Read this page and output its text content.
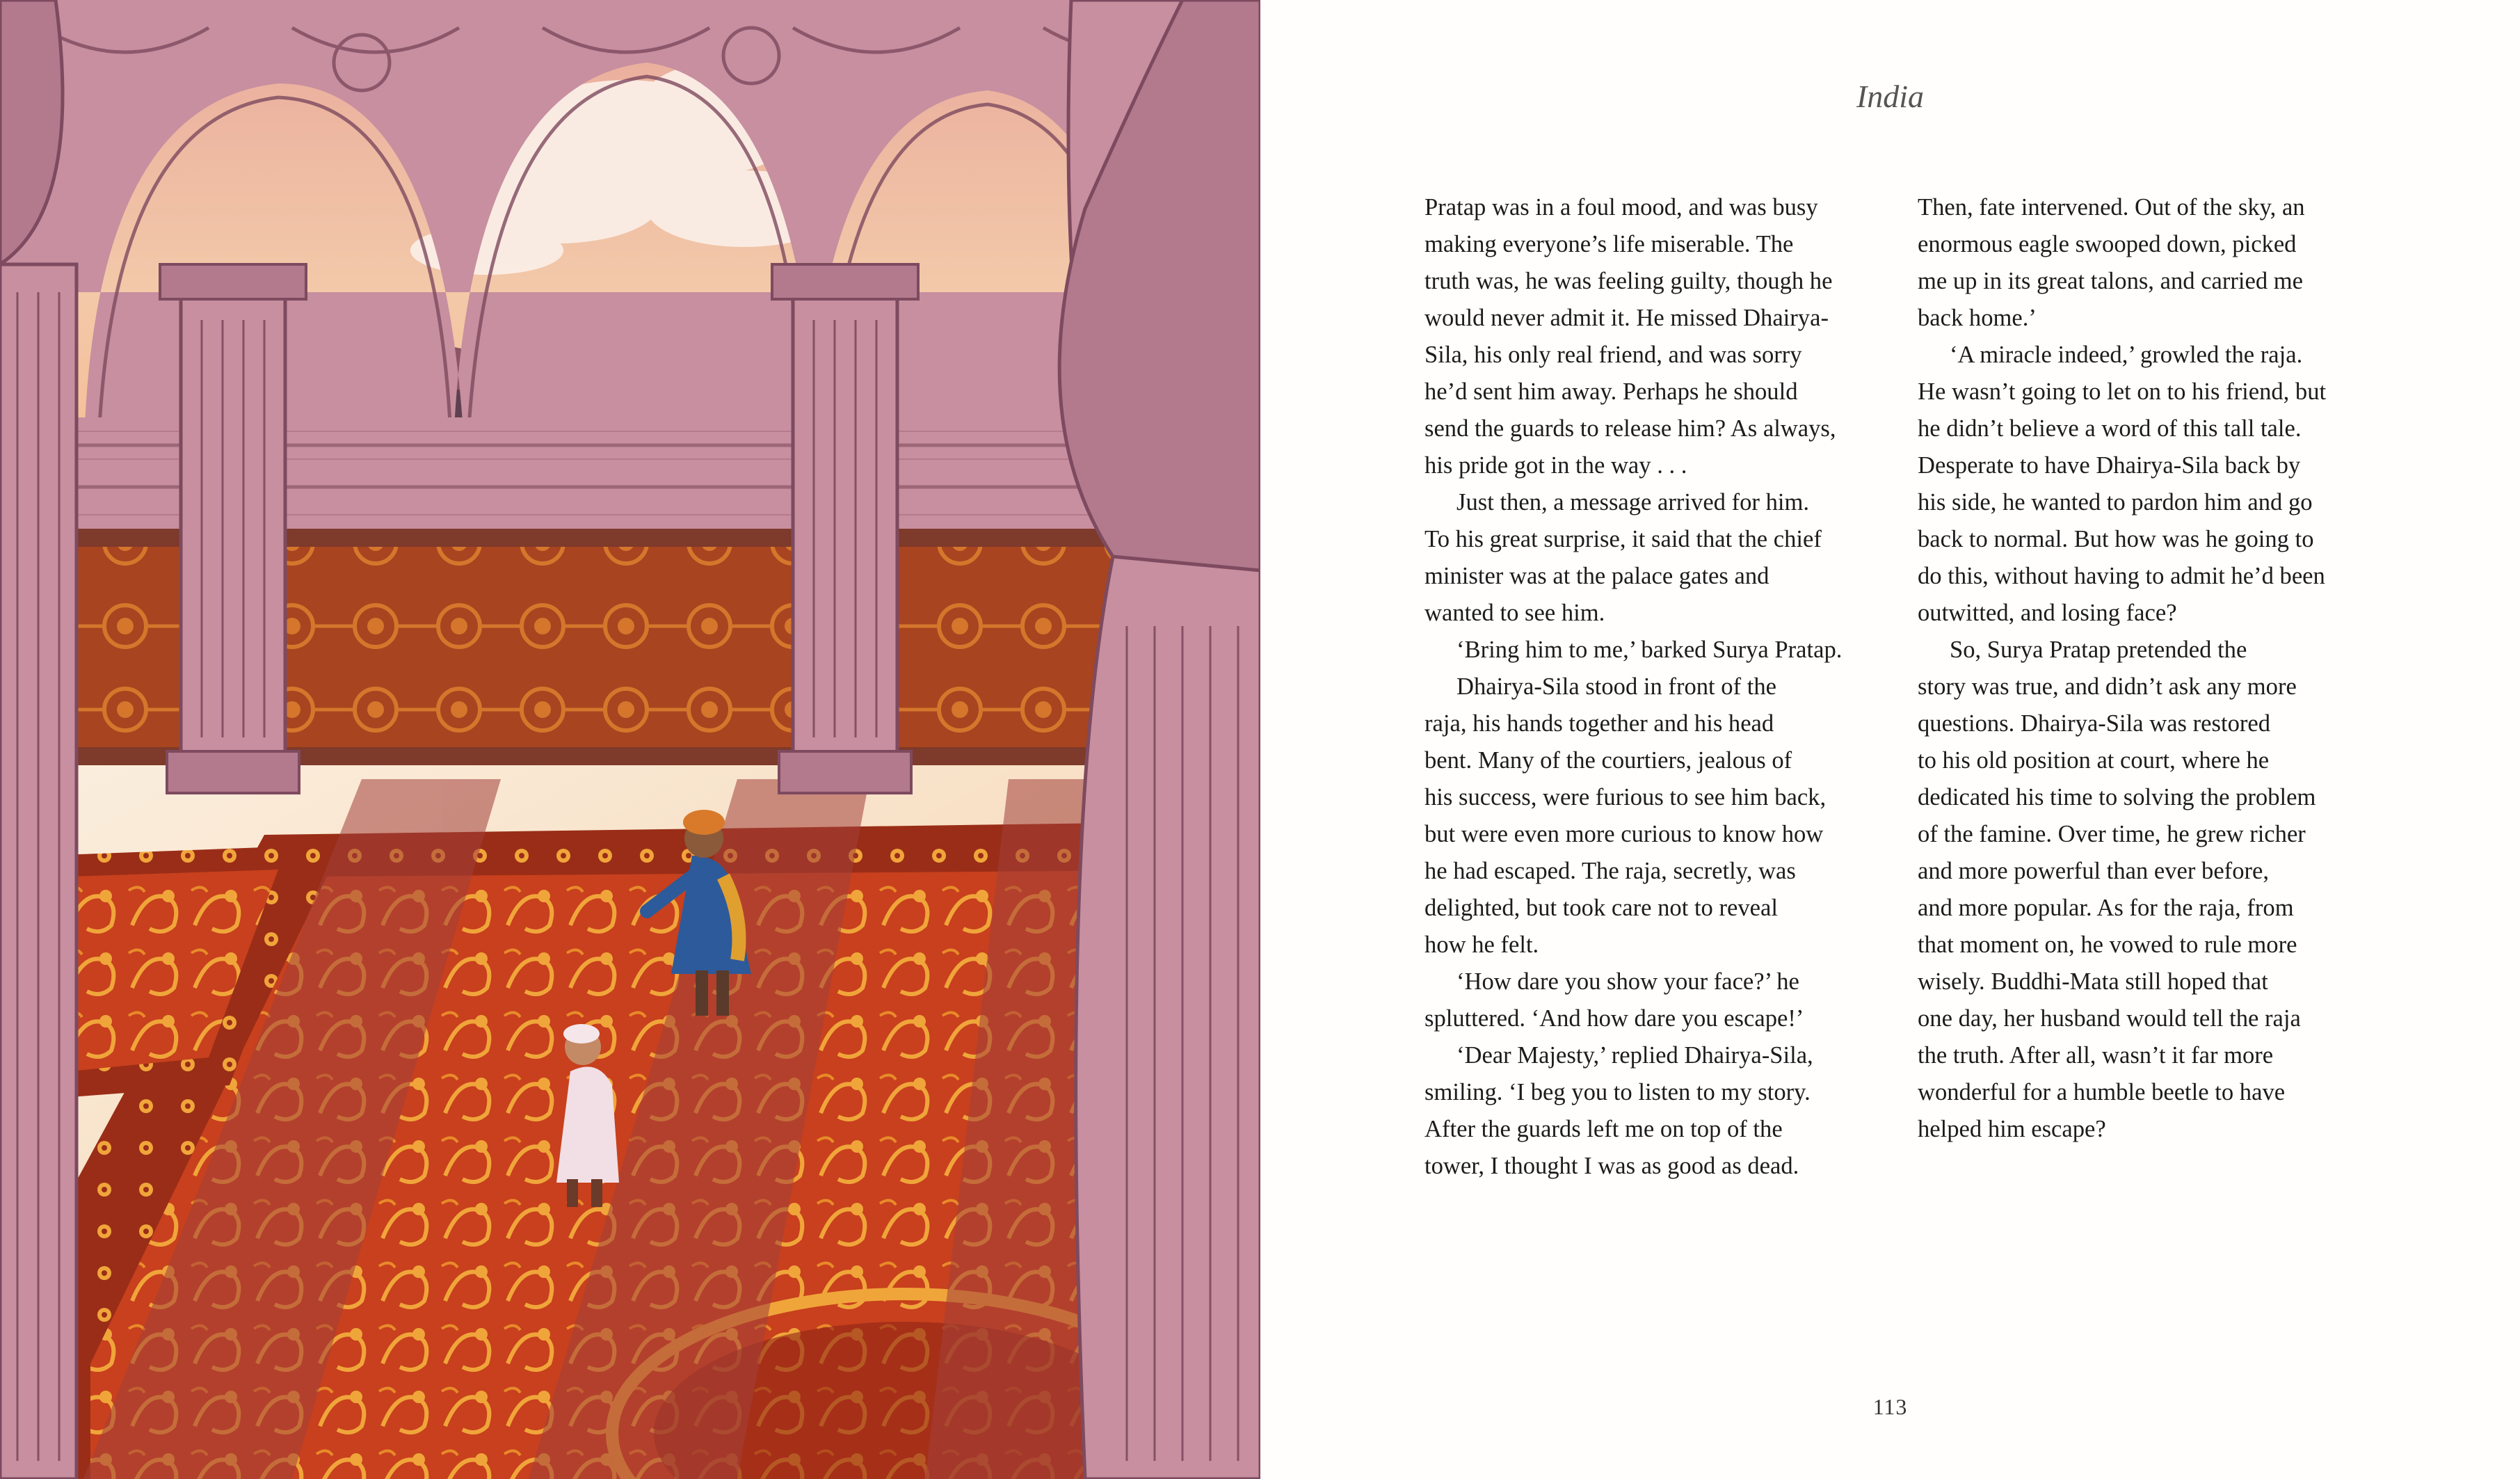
India
Pratap was in a foul mood, and was busy
making everyone’s life miserable. The
truth was, he was feeling guilty, though he
would never admit it. He missed Dhairya-
Sila, his only real friend, and was sorry
he’d sent him away. Perhaps he should
send the guards to release him? As always,
his pride got in the way . . .
Just then, a message arrived for him.
To his great surprise, it said that the chief
minister was at the palace gates and
wanted to see him.
‘Bring him to me,’ barked Surya Pratap.
Dhairya-Sila stood in front of the
raja, his hands together and his head
bent. Many of the courtiers, jealous of
his success, were furious to see him back,
but were even more curious to know how
he had escaped. The raja, secretly, was
delighted, but took care not to reveal
how he felt.
‘How dare you show your face?’ he
spluttered. ‘And how dare you escape!’
‘Dear Majesty,’ replied Dhairya-Sila,
smiling. ‘I beg you to listen to my story.
After the guards left me on top of the
tower, I thought I was as good as dead.
Then, fate intervened. Out of the sky, an
enormous eagle swooped down, picked
me up in its great talons, and carried me
back home.’
‘A miracle indeed,’ growled the raja.
He wasn’t going to let on to his friend, but
he didn’t believe a word of this tall tale.
Desperate to have Dhairya-Sila back by
his side, he wanted to pardon him and go
back to normal. But how was he going to
do this, without having to admit he’d been
outwitted, and losing face?
So, Surya Pratap pretended the
story was true, and didn’t ask any more
questions. Dhairya-Sila was restored
to his old position at court, where he
dedicated his time to solving the problem
of the famine. Over time, he grew richer
and more powerful than ever before,
and more popular. As for the raja, from
that moment on, he vowed to rule more
wisely. Buddhi-Mata still hoped that
one day, her husband would tell the raja
the truth. After all, wasn’t it far more
wonderful for a humble beetle to have
helped him escape?
113
